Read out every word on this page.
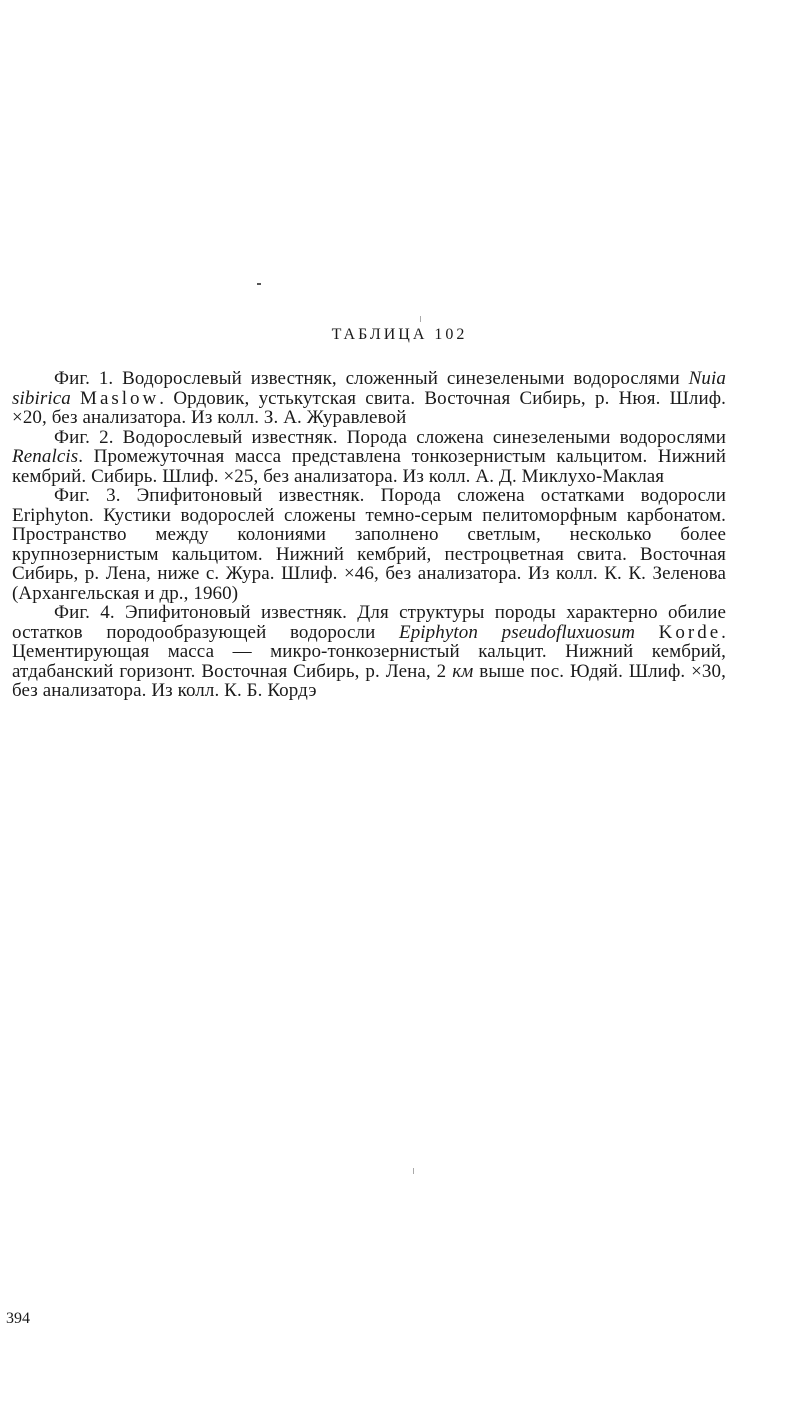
ТАБЛИЦА 102

Фиг. 1. Водорослевый известняк, сложенный синезелеными водорослями Nuia sibirica Maslow. Ордовик, устькутская свита. Восточная Сибирь, р. Нюя. Шлиф. ×20, без анализатора. Из колл. З. А. Журавлевой

Фиг. 2. Водорослевый известняк. Порода сложена синезелеными водорослями Renalcis. Промежуточная масса представлена тонкозернистым кальцитом. Нижний кембрий. Сибирь. Шлиф. ×25, без анализатора. Из колл. А. Д. Миклухо-Маклая

Фиг. 3. Эпифитоновый известняк. Порода сложена остатками водоросли Eriphyton. Кустики водорослей сложены темно-серым пелитоморфным карбонатом. Пространство между колониями заполнено светлым, несколько более крупнозернистым кальцитом. Нижний кембрий, пестроцветная свита. Восточная Сибирь, р. Лена, ниже с. Жура. Шлиф. ×46, без анализатора. Из колл. К. К. Зеленова (Архангельская и др., 1960)

Фиг. 4. Эпифитоновый известняк. Для структуры породы характерно обилие остатков породообразующей водоросли Epiphyton pseudofluxuosum Korde. Цементирующая масса — микро-тонкозернистый кальцит. Нижний кембрий, атдабанский горизонт. Восточная Сибирь, р. Лена, 2 км выше пос. Юдяй. Шлиф. ×30, без анализатора. Из колл. К. Б. Кордэ

394
